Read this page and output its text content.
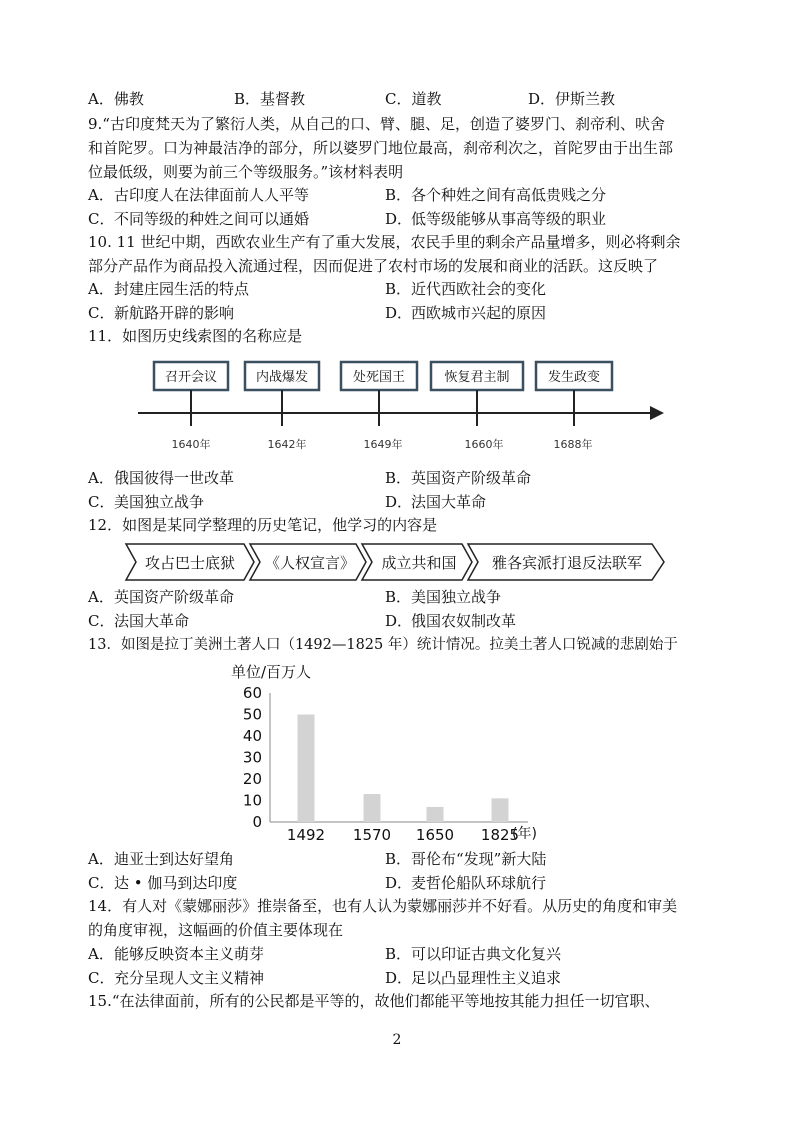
A．佛教	B．基督教	C．道教	D．伊斯兰教
9.“古印度梵天为了繁衍人类，从自己的口、臂、腿、足，创造了婆罗门、刹帝利、吠舍
和首陀罗。口为神最洁净的部分，所以婆罗门地位最高，刹帝利次之，首陀罗由于出生部
位最低级，则要为前三个等级服务。”该材料表明
A．古印度人在法律面前人人平等	B．各个种姓之间有高低贵贱之分
C．不同等级的种姓之间可以通婚	D．低等级能够从事高等级的职业
10. 11 世纪中期，西欧农业生产有了重大发展，农民手里的剩余产品量增多，则必将剩余
部分产品作为商品投入流通过程，因而促进了农村市场的发展和商业的活跃。这反映了
A．封建庄园生活的特点	B．近代西欧社会的变化
C．新航路开辟的影响	D．西欧城市兴起的原因
11．如图历史线索图的名称应是
召开会议
1640年
内战爆发
1642年
处死国王
1649年
恢复君主制
1660年
发生政变
1688年
攻占巴士底狱 《人权宣言》 成立共和国 雅各宾派打退反法联军
单位/百万人
(年)
0
10
20
30
40
50
60
1492 1570 1650 1825
A．俄国彼得一世改革	B．英国资产阶级革命
C．美国独立战争	D．法国大革命
12．如图是某同学整理的历史笔记，他学习的内容是
A．英国资产阶级革命	B．美国独立战争
C．法国大革命	D．俄国农奴制改革
13．如图是拉丁美洲土著人口（1492—1825 年）统计情况。拉美土著人口锐减的悲剧始于
A．迪亚士到达好望角	B．哥伦布“发现”新大陆
C．达 • 伽马到达印度	D．麦哲伦船队环球航行
14．有人对《蒙娜丽莎》推崇备至，也有人认为蒙娜丽莎并不好看。从历史的角度和审美
的角度审视，这幅画的价值主要体现在
A．能够反映资本主义萌芽	B．可以印证古典文化复兴
C．充分呈现人文主义精神	D．足以凸显理性主义追求
15.“在法律面前，所有的公民都是平等的，故他们都能平等地按其能力担任一切官职、
2
